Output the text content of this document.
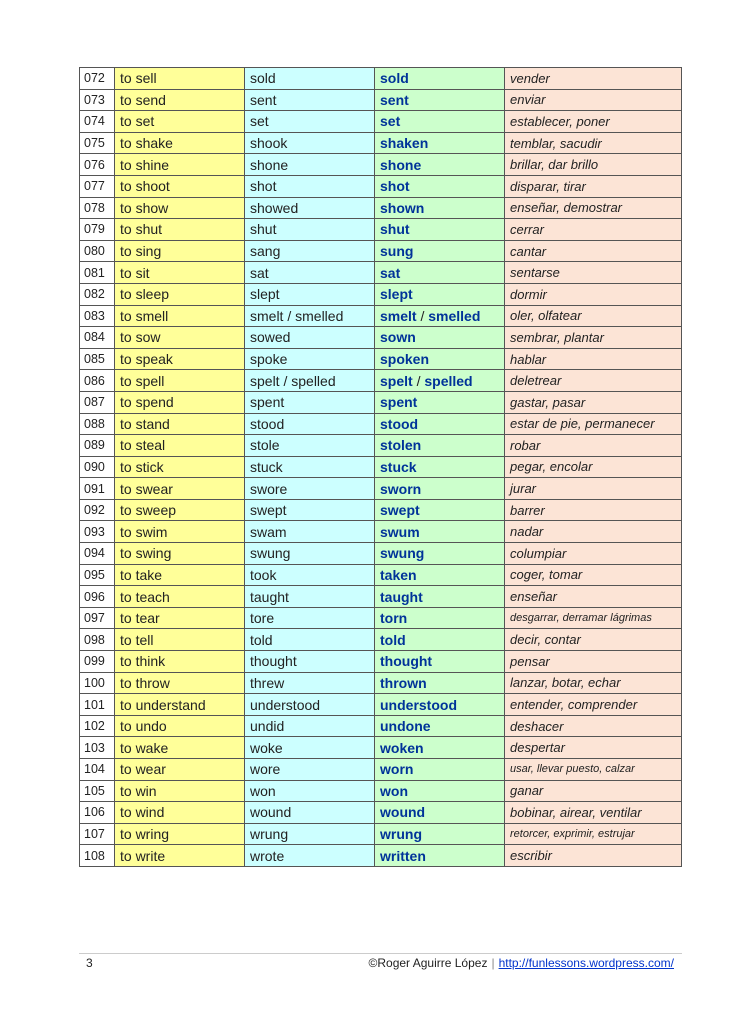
072	to sell	sold	sold	vender
073	to send	sent	sent	enviar
074	to set	set	set	establecer, poner
075	to shake	shook	shaken	temblar, sacudir
076	to shine	shone	shone	brillar, dar brillo
077	to shoot	shot	shot	disparar, tirar
078	to show	showed	shown	enseñar, demostrar
079	to shut	shut	shut	cerrar
080	to sing	sang	sung	cantar
081	to sit	sat	sat	sentarse
082	to sleep	slept	slept	dormir
083	to smell	smelt / smelled	smelt / smelled	oler, olfatear
084	to sow	sowed	sown	sembrar, plantar
085	to speak	spoke	spoken	hablar
086	to spell	spelt / spelled	spelt / spelled	deletrear
087	to spend	spent	spent	gastar, pasar
088	to stand	stood	stood	estar de pie, permanecer
089	to steal	stole	stolen	robar
090	to stick	stuck	stuck	pegar, encolar
091	to swear	swore	sworn	jurar
092	to sweep	swept	swept	barrer
093	to swim	swam	swum	nadar
094	to swing	swung	swung	columpiar
095	to take	took	taken	coger, tomar
096	to teach	taught	taught	enseñar
097	to tear	tore	torn	desgarrar, derramar lágrimas
098	to tell	told	told	decir, contar
099	to think	thought	thought	pensar
100	to throw	threw	thrown	lanzar, botar, echar
101	to understand	understood	understood	entender, comprender
102	to undo	undid	undone	deshacer
103	to wake	woke	woken	despertar
104	to wear	wore	worn	usar, llevar puesto, calzar
105	to win	won	won	ganar
106	to wind	wound	wound	bobinar, airear, ventilar
107	to wring	wrung	wrung	retorcer, exprimir, estrujar
108	to write	wrote	written	escribir
3	©Roger Aguirre López | http://funlessons.wordpress.com/
